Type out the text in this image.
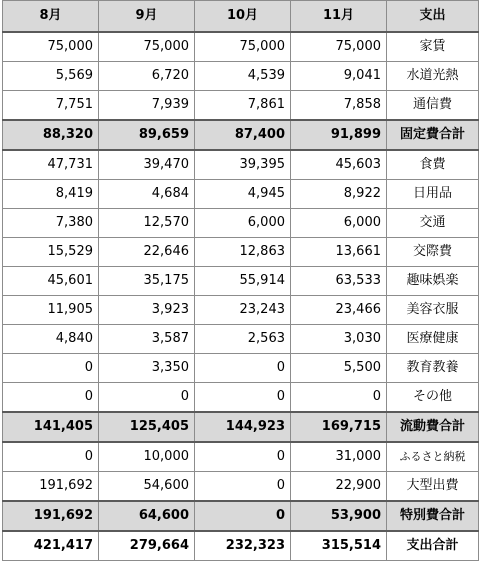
8月	9月	10月	11月	支出
75,000	75,000	75,000	75,000	家賃
5,569	6,720	4,539	9,041	水道光熱
7,751	7,939	7,861	7,858	通信費
88,320	89,659	87,400	91,899	固定費合計
47,731	39,470	39,395	45,603	食費
8,419	4,684	4,945	8,922	日用品
7,380	12,570	6,000	6,000	交通
15,529	22,646	12,863	13,661	交際費
45,601	35,175	55,914	63,533	趣味娯楽
11,905	3,923	23,243	23,466	美容衣服
4,840	3,587	2,563	3,030	医療健康
0	3,350	0	5,500	教育教養
0	0	0	0	その他
141,405	125,405	144,923	169,715	流動費合計
0	10,000	0	31,000	ふるさと納税
191,692	54,600	0	22,900	大型出費
191,692	64,600	0	53,900	特別費合計
421,417	279,664	232,323	315,514	支出合計
